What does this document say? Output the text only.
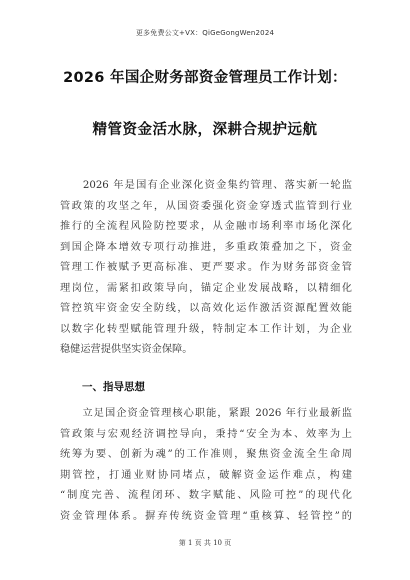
更多免费公文+VX：QiGeGongWen2024
2026 年国企财务部资金管理员工作计划：
精管资金活水脉，深耕合规护远航
　　2026 年是国有企业深化资金集约管理、落实新一轮监
管政策的攻坚之年，从国资委强化资金穿透式监管到行业
推行的全流程风险防控要求，从金融市场利率市场化深化
到国企降本增效专项行动推进，多重政策叠加之下，资金
管理工作被赋予更高标准、更严要求。作为财务部资金管
理岗位，需紧扣政策导向，锚定企业发展战略，以精细化
管控筑牢资金安全防线，以高效化运作激活资源配置效能
以数字化转型赋能管理升级，特制定本工作计划，为企业
稳健运营提供坚实资金保障。
一、指导思想
　　立足国企资金管理核心职能，紧跟 2026 年行业最新监
管政策与宏观经济调控导向，秉持“安全为本、效率为上
统筹为要、创新为魂”的工作准则，聚焦资金流全生命周
期管控，打通业财协同堵点，破解资金运作难点，构建
“制度完善、流程闭环、数字赋能、风险可控”的现代化
资金管理体系。摒弃传统资金管理“重核算、轻管控”的
第 1 页 共 10 页
